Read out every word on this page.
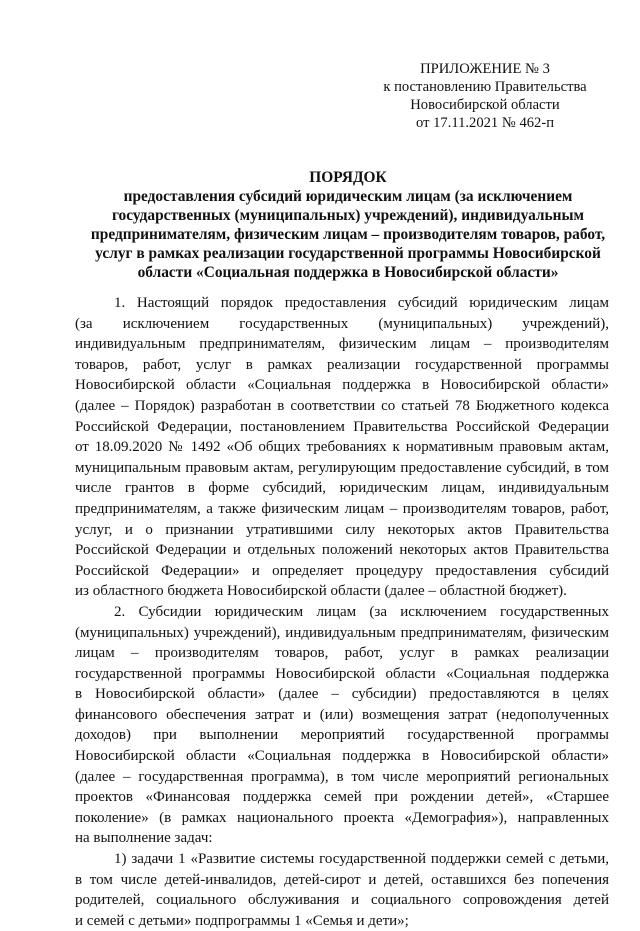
ПРИЛОЖЕНИЕ № 3
к постановлению Правительства
Новосибирской области
от 17.11.2021 № 462-п
ПОРЯДОК
предоставления субсидий юридическим лицам (за исключением
государственных (муниципальных) учреждений), индивидуальным
предпринимателям, физическим лицам – производителям товаров, работ,
услуг в рамках реализации государственной программы Новосибирской
области «Социальная поддержка в Новосибирской области»
1. Настоящий порядок предоставления субсидий юридическим лицам
(за исключением государственных (муниципальных) учреждений),
индивидуальным предпринимателям, физическим лицам – производителям
товаров, работ, услуг в рамках реализации государственной программы
Новосибирской области «Социальная поддержка в Новосибирской области»
(далее – Порядок) разработан в соответствии со статьей 78 Бюджетного кодекса
Российской Федерации, постановлением Правительства Российской Федерации
от 18.09.2020 № 1492 «Об общих требованиях к нормативным правовым актам,
муниципальным правовым актам, регулирующим предоставление субсидий, в том
числе грантов в форме субсидий, юридическим лицам, индивидуальным
предпринимателям, а также физическим лицам – производителям товаров, работ,
услуг, и о признании утратившими силу некоторых актов Правительства
Российской Федерации и отдельных положений некоторых актов Правительства
Российской Федерации» и определяет процедуру предоставления субсидий
из областного бюджета Новосибирской области (далее – областной бюджет).
2. Субсидии юридическим лицам (за исключением государственных
(муниципальных) учреждений), индивидуальным предпринимателям, физическим
лицам – производителям товаров, работ, услуг в рамках реализации
государственной программы Новосибирской области «Социальная поддержка
в Новосибирской области» (далее – субсидии) предоставляются в целях
финансового обеспечения затрат и (или) возмещения затрат (недополученных
доходов) при выполнении мероприятий государственной программы
Новосибирской области «Социальная поддержка в Новосибирской области»
(далее – государственная программа), в том числе мероприятий региональных
проектов «Финансовая поддержка семей при рождении детей», «Старшее
поколение» (в рамках национального проекта «Демография»), направленных
на выполнение задач:
1) задачи 1 «Развитие системы государственной поддержки семей с детьми,
в том числе детей-инвалидов, детей-сирот и детей, оставшихся без попечения
родителей, социального обслуживания и социального сопровождения детей
и семей с детьми» подпрограммы 1 «Семья и дети»;
